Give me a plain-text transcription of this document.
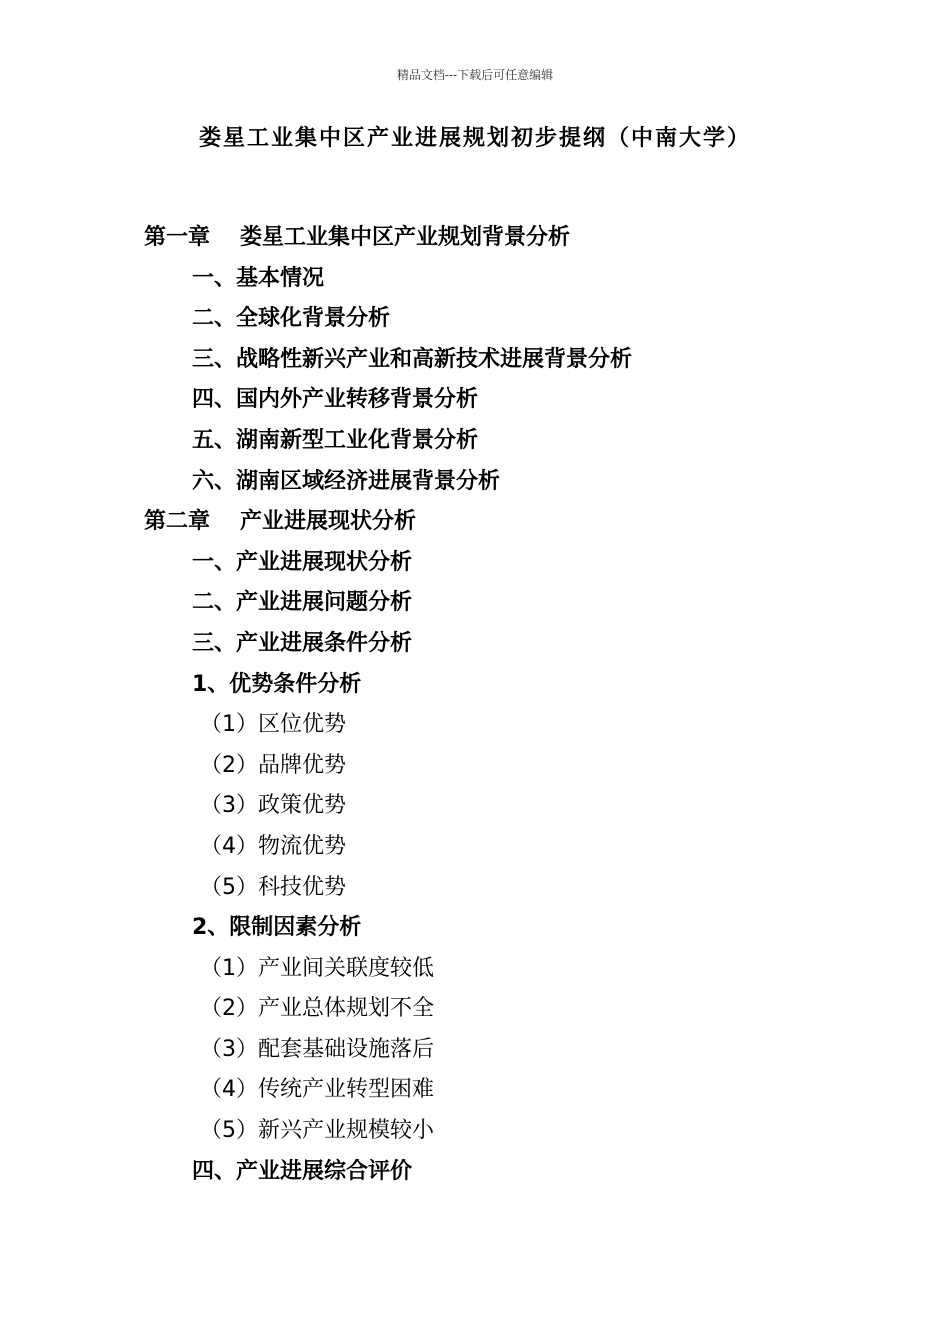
精品文档---下载后可任意编辑
娄星工业集中区产业进展规划初步提纲（中南大学）
第一章 娄星工业集中区产业规划背景分析
一、基本情况
二、全球化背景分析
三、战略性新兴产业和高新技术进展背景分析
四、国内外产业转移背景分析
五、湖南新型工业化背景分析
六、湖南区域经济进展背景分析
第二章 产业进展现状分析
一、产业进展现状分析
二、产业进展问题分析
三、产业进展条件分析
1、优势条件分析
（1）区位优势
（2）品牌优势
（3）政策优势
（4）物流优势
（5）科技优势
2、限制因素分析
（1）产业间关联度较低
（2）产业总体规划不全
（3）配套基础设施落后
（4）传统产业转型困难
（5）新兴产业规模较小
四、产业进展综合评价
